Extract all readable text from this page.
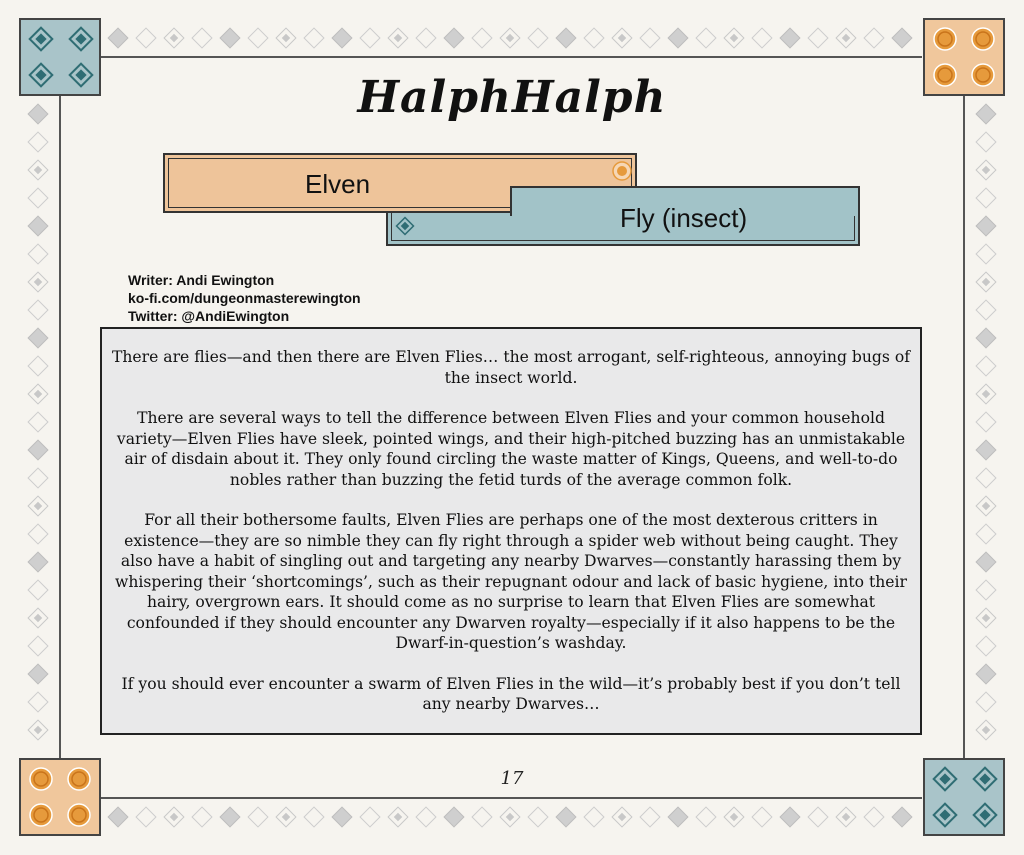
HalphHalph
Elven
Fly (insect)
Writer: Andi Ewington
ko-fi.com/dungeonmasterewington
Twitter: @AndiEwington

There are flies—and then there are Elven Flies… the most arrogant, self-righteous, annoying bugs of the insect world.

There are several ways to tell the difference between Elven Flies and your common household variety—Elven Flies have sleek, pointed wings, and their high-pitched buzzing has an unmistakable air of disdain about it. They only found circling the waste matter of Kings, Queens, and well-to-do nobles rather than buzzing the fetid turds of the average common folk.

For all their bothersome faults, Elven Flies are perhaps one of the most dexterous critters in existence—they are so nimble they can fly right through a spider web without being caught. They also have a habit of singling out and targeting any nearby Dwarves—constantly harassing them by whispering their ‘shortcomings’, such as their repugnant odour and lack of basic hygiene, into their hairy, overgrown ears. It should come as no surprise to learn that Elven Flies are somewhat confounded if they should encounter any Dwarven royalty—especially if it also happens to be the Dwarf-in-question’s washday.

If you should ever encounter a swarm of Elven Flies in the wild—it’s probably best if you don’t tell any nearby Dwarves…

17
